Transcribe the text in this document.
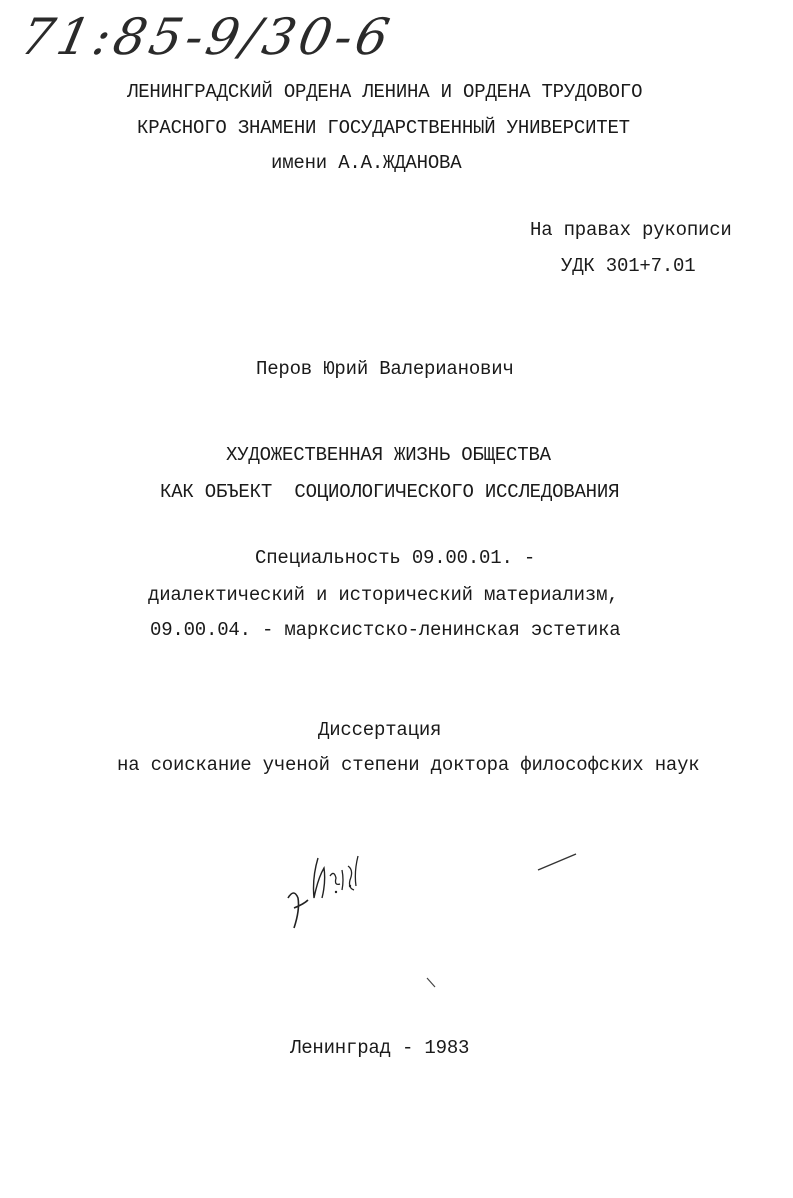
71:85-9/30-6
ЛЕНИНГРАДСКИЙ ОРДЕНА ЛЕНИНА И ОРДЕНА ТРУДОВОГО
КРАСНОГО ЗНАМЕНИ ГОСУДАРСТВЕННЫЙ УНИВЕРСИТЕТ
имени А.А.ЖДАНОВА
На правах рукописи
УДК 301+7.01
Перов Юрий Валерианович
ХУДОЖЕСТВЕННАЯ ЖИЗНЬ ОБЩЕСТВА
КАК ОБЪЕКТ  СОЦИОЛОГИЧЕСКОГО ИССЛЕДОВАНИЯ
Специальность 09.00.01. -
диалектический и исторический материализм,
09.00.04. - марксистско-ленинская эстетика
Диссертация
на соискание ученой степени доктора философских наук
Ленинград - 1983
